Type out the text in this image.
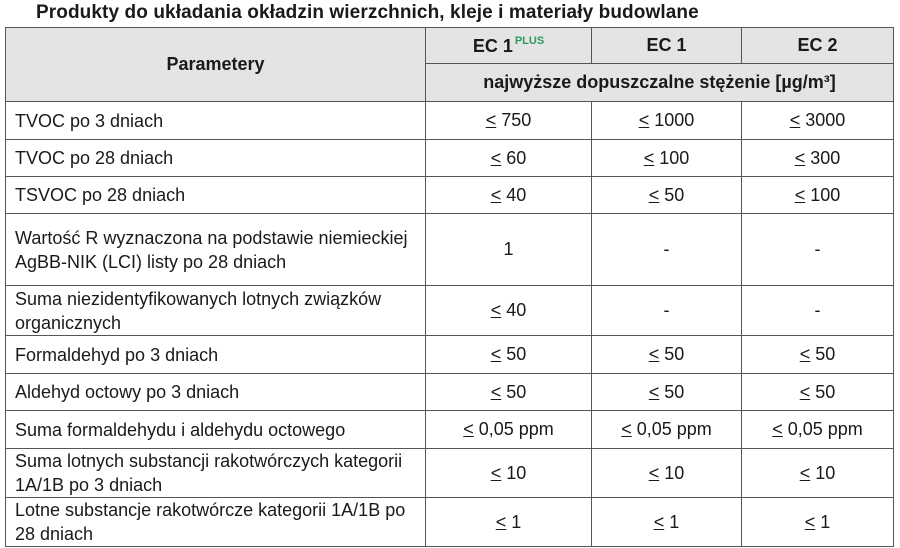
Produkty do układania okładzin wierzchnich, kleje i materiały budowlane
Parametery	EC 1 $^{PLUS}$	EC 1	EC 2
	najwyższe dopuszczalne stężenie [µg/m³]		
TVOC po 3 dniach	≤ 750	≤ 1000	≤ 3000
TVOC po 28 dniach	≤ 60	≤ 100	≤ 300
TSVOC po 28 dniach	≤ 40	≤ 50	≤ 100
Wartość R wyznaczona na podstawie niemieckiej AgBB-NIK (LCI) listy po 28 dniach	1	-	-
Suma niezidentyfikowanych lotnych związków organicznych	≤ 40	-	-
Formaldehyd po 3 dniach	≤ 50	≤ 50	≤ 50
Aldehyd octowy po 3 dniach	≤ 50	≤ 50	≤ 50
Suma formaldehydu i aldehydu octowego	≤ 0,05 ppm	≤ 0,05 ppm	≤ 0,05 ppm
Suma lotnych substancji rakotwórczych kategorii 1A/1B po 3 dniach	≤ 10	≤ 10	≤ 10
Lotne substancje rakotwórcze kategorii 1A/1B po 28 dniach	≤ 1	≤ 1	≤ 1
